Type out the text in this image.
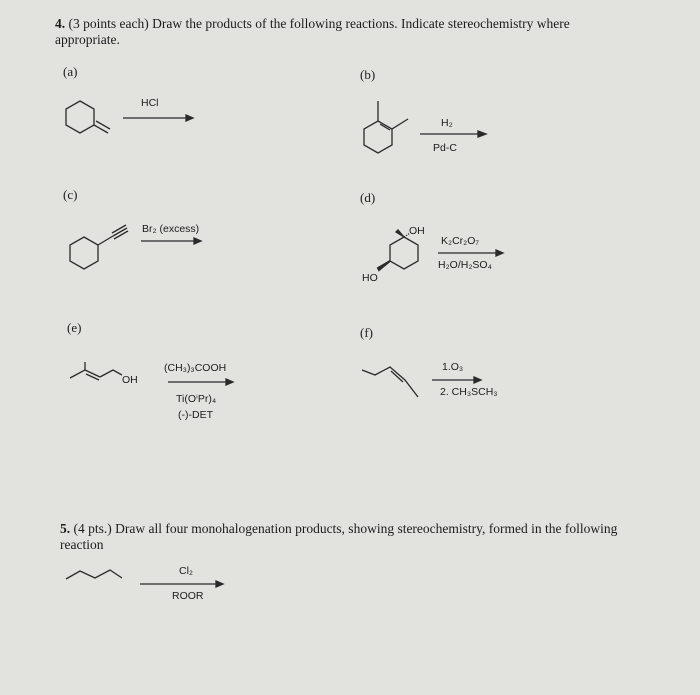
4. (3 points each) Draw the products of the following reactions. Indicate stereochemistry where
appropriate.
(a)
HCl
(b)
H₂
Pd-C
(c)
Br₂ (excess)
(d)
OH
HO
K₂Cr₂O₇
H₂O/H₂SO₄
(e)
OH
(CH₃)₃COOH
Ti(OⁱPr)₄
(-)-DET
(f)
1.O₃
2. CH₃SCH₃
5. (4 pts.) Draw all four monohalogenation products, showing stereochemistry, formed in the following
reaction
Cl₂
ROOR
